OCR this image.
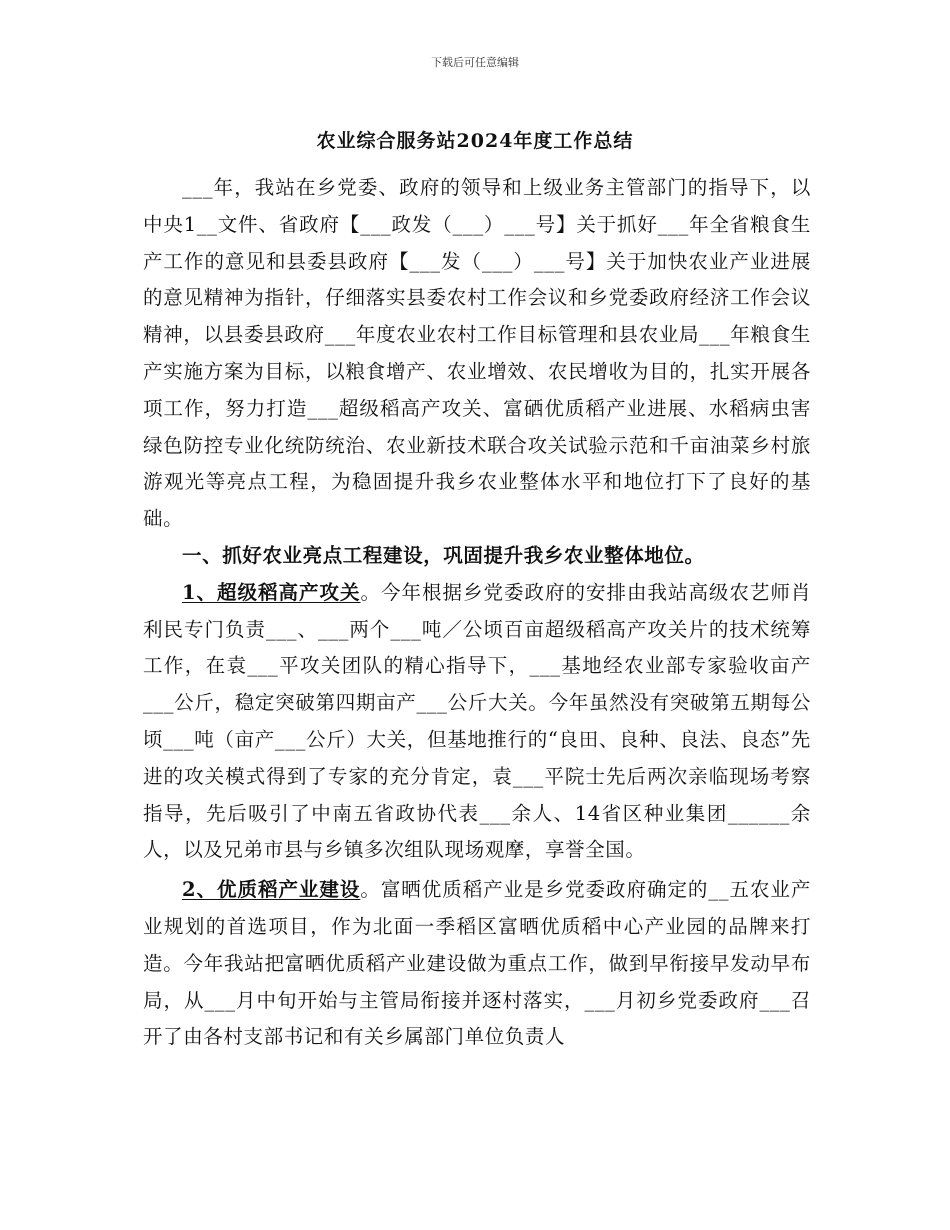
下载后可任意编辑
农业综合服务站2024年度工作总结

___年，我站在乡党委、政府的领导和上级业务主管部门的指导下，以中央1__文件、省政府【___政发（___）___号】关于抓好___年全省粮食生产工作的意见和县委县政府【___发（___）___号】关于加快农业产业进展的意见精神为指针，仔细落实县委农村工作会议和乡党委政府经济工作会议精神，以县委县政府___年度农业农村工作目标管理和县农业局___年粮食生产实施方案为目标，以粮食增产、农业增效、农民增收为目的，扎实开展各项工作，努力打造___超级稻高产攻关、富硒优质稻产业进展、水稻病虫害绿色防控专业化统防统治、农业新技术联合攻关试验示范和千亩油菜乡村旅游观光等亮点工程，为稳固提升我乡农业整体水平和地位打下了良好的基础。

一、抓好农业亮点工程建设，巩固提升我乡农业整体地位。

1、超级稻高产攻关。今年根据乡党委政府的安排由我站高级农艺师肖利民专门负责___、___两个___吨／公顷百亩超级稻高产攻关片的技术统筹工作，在袁___平攻关团队的精心指导下，___基地经农业部专家验收亩产___公斤，稳定突破第四期亩产___公斤大关。今年虽然没有突破第五期每公顷___吨（亩产___公斤）大关，但基地推行的“良田、良种、良法、良态”先进的攻关模式得到了专家的充分肯定，袁___平院士先后两次亲临现场考察指导，先后吸引了中南五省政协代表___余人、14省区种业集团______余人，以及兄弟市县与乡镇多次组队现场观摩，享誉全国。

2、优质稻产业建设。富晒优质稻产业是乡党委政府确定的__五农业产业规划的首选项目，作为北面一季稻区富晒优质稻中心产业园的品牌来打造。今年我站把富晒优质稻产业建设做为重点工作，做到早衔接早发动早布局，从___月中旬开始与主管局衔接并逐村落实，___月初乡党委政府___召开了由各村支部书记和有关乡属部门单位负责人
